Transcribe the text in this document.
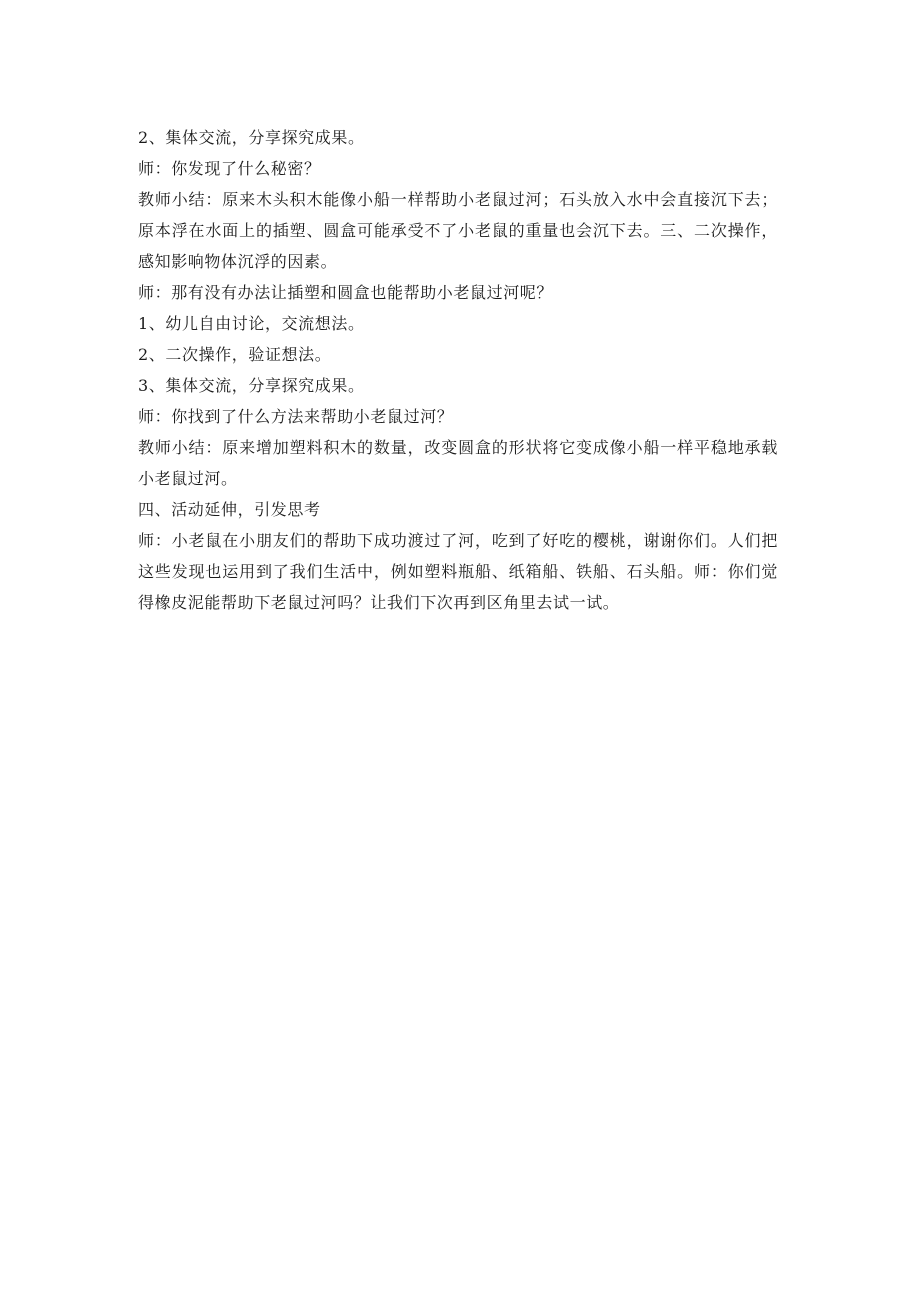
2、集体交流，分享探究成果。

师：你发现了什么秘密？

教师小结：原来木头积木能像小船一样帮助小老鼠过河；石头放入水中会直接沉下去；原本浮在水面上的插塑、圆盒可能承受不了小老鼠的重量也会沉下去。三、二次操作，感知影响物体沉浮的因素。

师：那有没有办法让插塑和圆盒也能帮助小老鼠过河呢？

1、幼儿自由讨论，交流想法。

2、二次操作，验证想法。

3、集体交流，分享探究成果。

师：你找到了什么方法来帮助小老鼠过河？

教师小结：原来增加塑料积木的数量，改变圆盒的形状将它变成像小船一样平稳地承载小老鼠过河。

四、活动延伸，引发思考

师：小老鼠在小朋友们的帮助下成功渡过了河，吃到了好吃的樱桃，谢谢你们。人们把这些发现也运用到了我们生活中，例如塑料瓶船、纸箱船、铁船、石头船。师：你们觉得橡皮泥能帮助下老鼠过河吗？让我们下次再到区角里去试一试。
